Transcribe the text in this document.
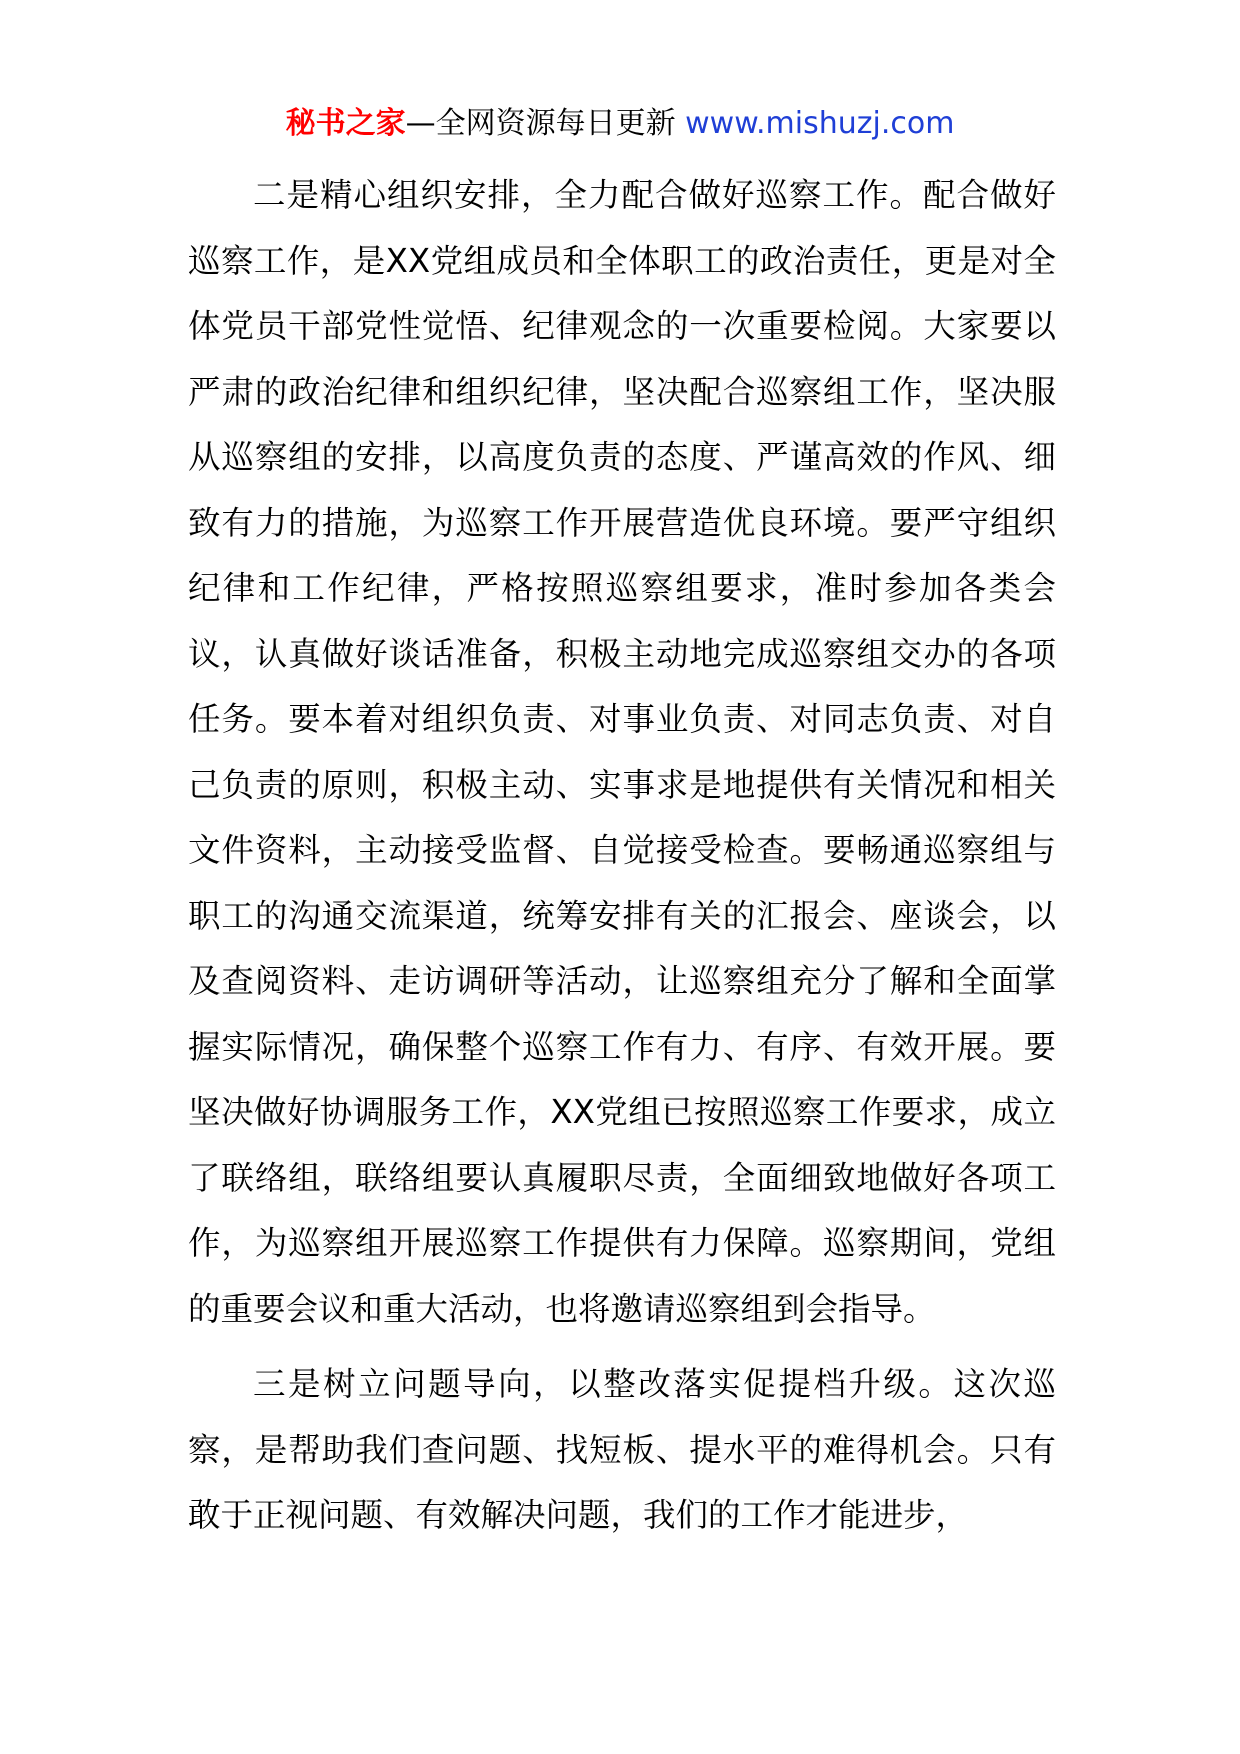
秘书之家—全网资源每日更新 www.mishuzj.com

二是精心组织安排，全力配合做好巡察工作。配合做好巡察工作，是XX党组成员和全体职工的政治责任，更是对全体党员干部党性觉悟、纪律观念的一次重要检阅。大家要以严肃的政治纪律和组织纪律，坚决配合巡察组工作，坚决服从巡察组的安排，以高度负责的态度、严谨高效的作风、细致有力的措施，为巡察工作开展营造优良环境。要严守组织纪律和工作纪律，严格按照巡察组要求，准时参加各类会议，认真做好谈话准备，积极主动地完成巡察组交办的各项任务。要本着对组织负责、对事业负责、对同志负责、对自己负责的原则，积极主动、实事求是地提供有关情况和相关文件资料，主动接受监督、自觉接受检查。要畅通巡察组与职工的沟通交流渠道，统筹安排有关的汇报会、座谈会，以及查阅资料、走访调研等活动，让巡察组充分了解和全面掌握实际情况，确保整个巡察工作有力、有序、有效开展。要坚决做好协调服务工作，XX党组已按照巡察工作要求，成立了联络组，联络组要认真履职尽责，全面细致地做好各项工作，为巡察组开展巡察工作提供有力保障。巡察期间，党组的重要会议和重大活动，也将邀请巡察组到会指导。

三是树立问题导向，以整改落实促提档升级。这次巡察，是帮助我们查问题、找短板、提水平的难得机会。只有敢于正视问题、有效解决问题，我们的工作才能进步，
